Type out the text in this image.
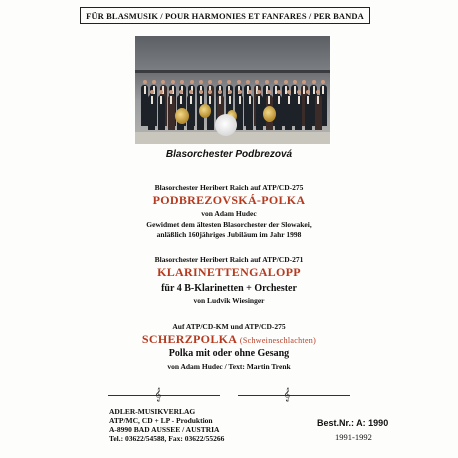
FÜR BLASMUSIK / POUR HARMONIES ET FANFARES / PER BANDA
Blasorchester Podbrezová
Blasorchester Heribert Raich auf ATP/CD-275
PODBREZOVSKÁ-POLKA
von Adam Hudec
Gewidmet dem ältesten Blasorchester der Slowakei,
anläßlich 160jähriges Jubiläum im Jahr 1998
Blasorchester Heribert Raich auf ATP/CD-271
KLARINETTENGALOPP
für 4 B-Klarinetten + Orchester
von Ludvik Wiesinger
Auf ATP/CD-KM und ATP/CD-275
SCHERZPOLKA (Schweineschlachten)
Polka mit oder ohne Gesang
von Adam Hudec / Text: Martin Trenk
𝄞	𝄞
ADLER-MUSIKVERLAG
ATP/MC, CD + LP - Produktion
A-8990 BAD AUSSEE / AUSTRIA
Tel.: 03622/54588, Fax: 03622/55266
Best.Nr.: A: 1990
1991-1992
